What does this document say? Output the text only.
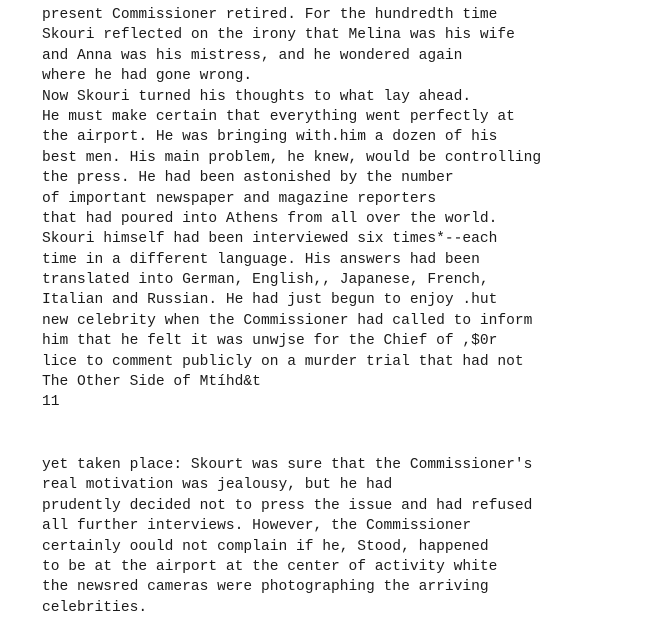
present Commissioner retired. For the hundredth time
Skouri reflected on the irony that Melina was his wife
and Anna was his mistress, and he wondered again
where he had gone wrong.
Now Skouri turned his thoughts to what lay ahead.
He must make certain that everything went perfectly at
the airport. He was bringing with.him a dozen of his
best men. His main problem, he knew, would be controlling
the press. He had been astonished by the number
of important newspaper and magazine reporters
that had poured into Athens from all over the world.
Skouri himself had been interviewed six times*--each
time in a different language. His answers had been
translated into German, English,, Japanese, French,
Italian and Russian. He had just begun to enjoy .hut
new celebrity when the Commissioner had called to inform
him that he felt it was unwjse for the Chief of ,$0r
lice to comment publicly on a murder trial that had not
The Other Side of Mtíhd&t
11
yet taken place: Skourt was sure that the Commissioner's
real motivation was jealousy, but he had
prudently decided not to press the issue and had refused
all further interviews. However, the Commissioner
certainly oould not complain if he, Stood, happened
to be at the airport at the center of activity white
the newsred cameras were photographing the arriving
celebrities.
